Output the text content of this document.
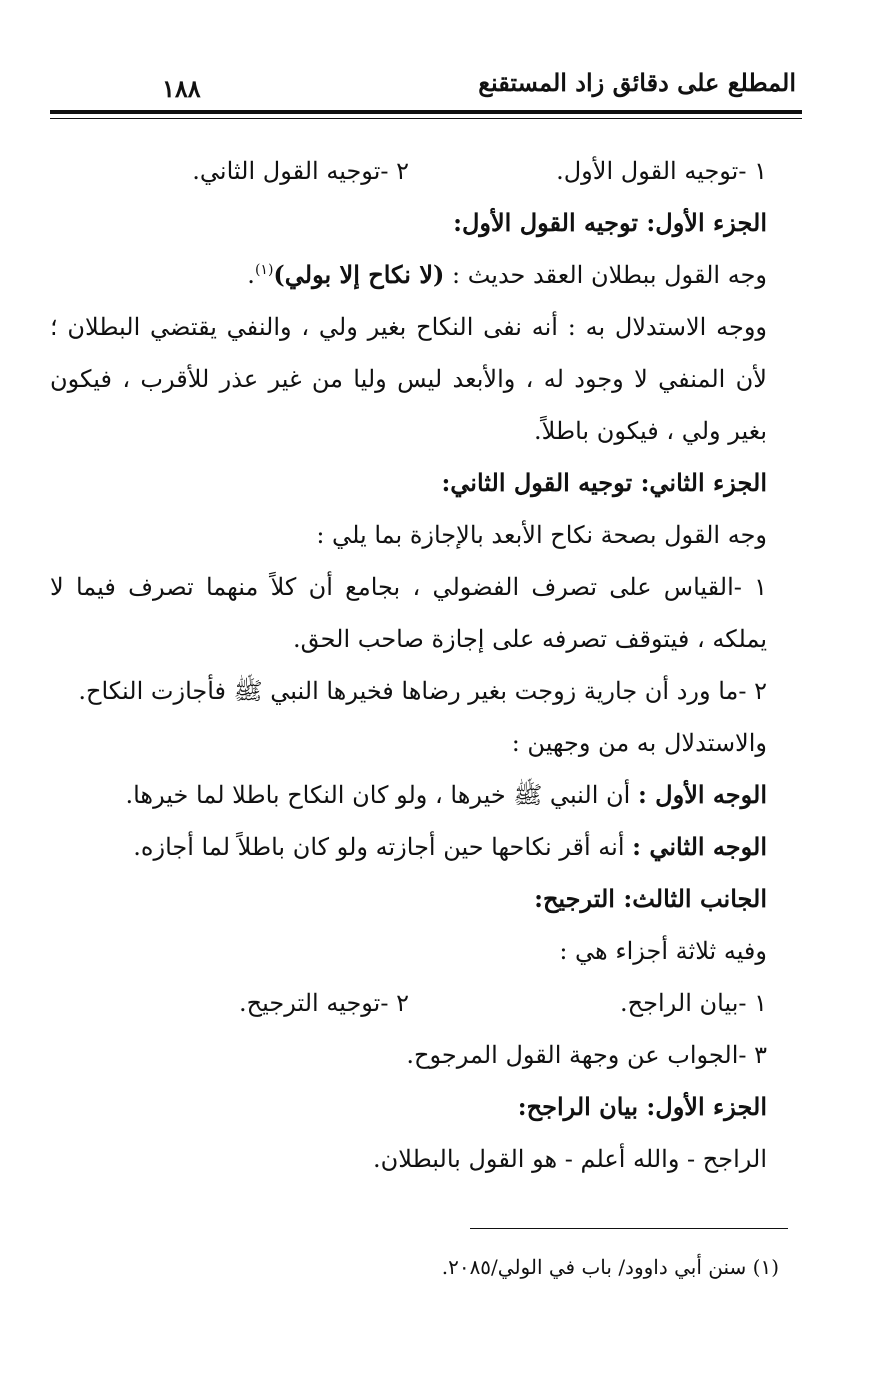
المطلع على دقائق زاد المستقنع
١٨٨
١ -توجيه القول الأول.
٢ -توجيه القول الثاني.
الجزء الأول: توجيه القول الأول:
وجه القول ببطلان العقد حديث : (لا نكاح إلا بولي)$^{(١)}$.
ووجه الاستدلال به : أنه نفى النكاح بغير ولي ، والنفي يقتضي البطلان ؛
لأن المنفي لا وجود له ، والأبعد ليس وليا من غير عذر للأقرب ، فيكون
بغير ولي ، فيكون باطلاً.
الجزء الثاني: توجيه القول الثاني:
وجه القول بصحة نكاح الأبعد بالإجازة بما يلي :
١ -القياس على تصرف الفضولي ، بجامع أن كلاً منهما تصرف فيما لا
يملكه ، فيتوقف تصرفه على إجازة صاحب الحق.
٢ -ما ورد أن جارية زوجت بغير رضاها فخيرها النبي ﷺ فأجازت النكاح.
والاستدلال به من وجهين :
الوجه الأول : أن النبي ﷺ خيرها ، ولو كان النكاح باطلا لما خيرها.
الوجه الثاني : أنه أقر نكاحها حين أجازته ولو كان باطلاً لما أجازه.
الجانب الثالث: الترجيح:
وفيه ثلاثة أجزاء هي :
١ -بيان الراجح.
٢ -توجيه الترجيح.
٣ -الجواب عن وجهة القول المرجوح.
الجزء الأول: بيان الراجح:
الراجح - والله أعلم - هو القول بالبطلان.
(١) سنن أبي داوود/ باب في الولي/٢٠٨٥.
